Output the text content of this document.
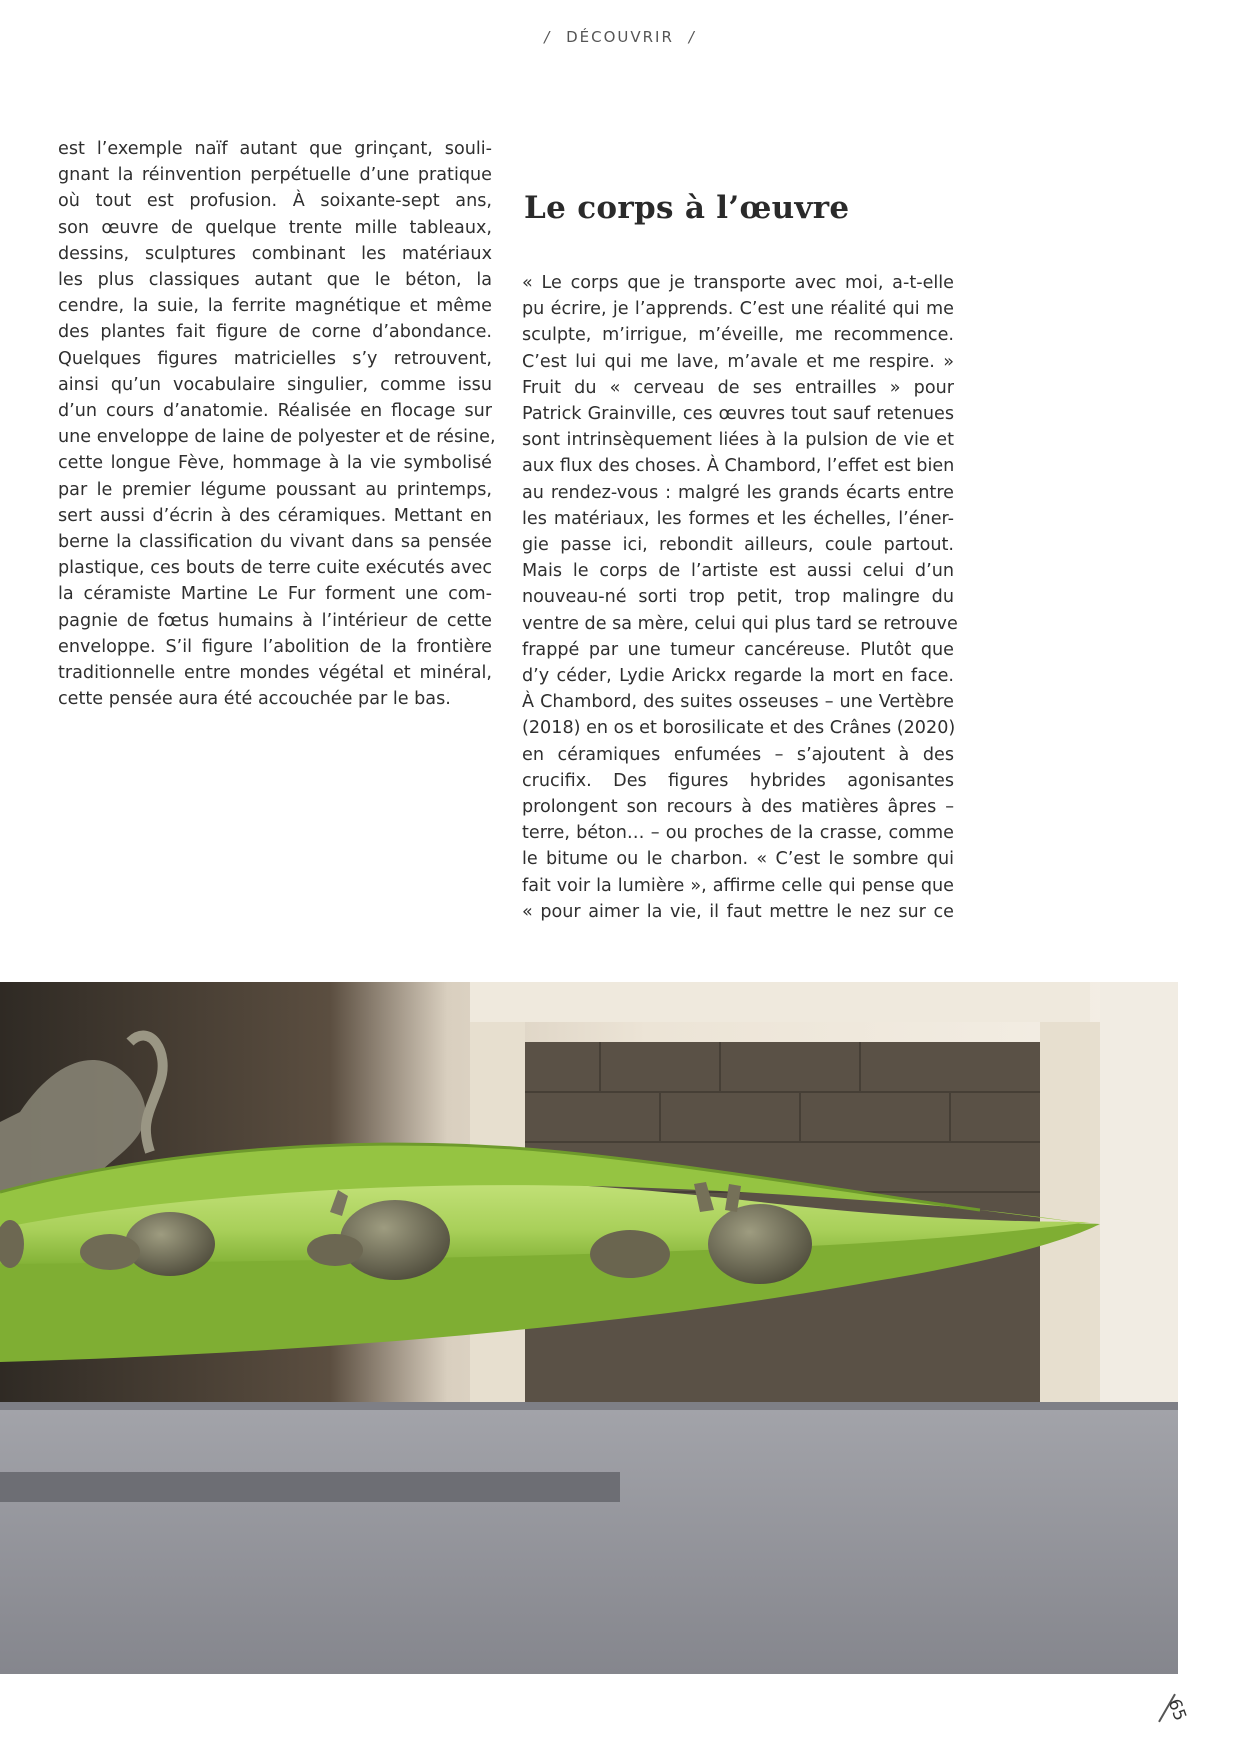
/ DÉCOUVRIR /
est l’exemple naïf autant que grinçant, souli-
gnant la réinvention perpétuelle d’une pratique
où tout est profusion. À soixante-sept ans,
son œuvre de quelque trente mille tableaux,
dessins, sculptures combinant les matériaux
les plus classiques autant que le béton, la
cendre, la suie, la ferrite magnétique et même
des plantes fait figure de corne d’abondance.
Quelques figures matricielles s’y retrouvent,
ainsi qu’un vocabulaire singulier, comme issu
d’un cours d’anatomie. Réalisée en flocage sur
une enveloppe de laine de polyester et de résine,
cette longue Fève, hommage à la vie symbolisé
par le premier légume poussant au printemps,
sert aussi d’écrin à des céramiques. Mettant en
berne la classification du vivant dans sa pensée
plastique, ces bouts de terre cuite exécutés avec
la céramiste Martine Le Fur forment une com-
pagnie de fœtus humains à l’intérieur de cette
enveloppe. S’il figure l’abolition de la frontière
traditionnelle entre mondes végétal et minéral,
cette pensée aura été accouchée par le bas.
Le corps à l’œuvre
« Le corps que je transporte avec moi, a-t-elle
pu écrire, je l’apprends. C’est une réalité qui me
sculpte, m’irrigue, m’éveille, me recommence.
C’est lui qui me lave, m’avale et me respire. »
Fruit du « cerveau de ses entrailles » pour
Patrick Grainville, ces œuvres tout sauf retenues
sont intrinsèquement liées à la pulsion de vie et
aux flux des choses. À Chambord, l’effet est bien
au rendez-vous : malgré les grands écarts entre
les matériaux, les formes et les échelles, l’éner-
gie passe ici, rebondit ailleurs, coule partout.
Mais le corps de l’artiste est aussi celui d’un
nouveau-né sorti trop petit, trop malingre du
ventre de sa mère, celui qui plus tard se retrouve
frappé par une tumeur cancéreuse. Plutôt que
d’y céder, Lydie Arickx regarde la mort en face.
À Chambord, des suites osseuses – une Vertèbre
(2018) en os et borosilicate et des Crânes (2020)
en céramiques enfumées – s’ajoutent à des
crucifix. Des figures hybrides agonisantes
prolongent son recours à des matières âpres –
terre, béton… – ou proches de la crasse, comme
le bitume ou le charbon. « C’est le sombre qui
fait voir la lumière », affirme celle qui pense que
« pour aimer la vie, il faut mettre le nez sur ce
65
